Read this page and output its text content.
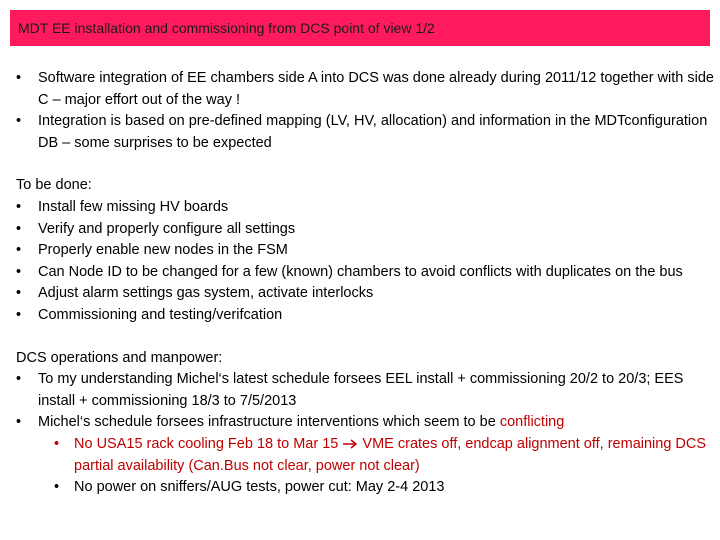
MDT EE installation and commissioning from DCS point of view 1/2
• Software integration of EE chambers side A into DCS was done already during 2011/12 together with side C – major effort out of the way !
• Integration is based on pre-defined mapping (LV, HV, allocation) and information in the MDTconfiguration DB – some surprises to be expected
To be done:
• Install few missing HV boards
• Verify and properly configure all settings
• Properly enable new nodes in the FSM
• Can Node ID to be changed for a few (known) chambers to avoid conflicts with duplicates on the bus
• Adjust alarm settings gas system, activate interlocks
• Commissioning and testing/verifcation
DCS operations and manpower:
• To my understanding Michel‘s latest schedule forsees EEL install + commissioning 20/2 to 20/3; EES install + commissioning 18/3 to 7/5/2013
• Michel‘s schedule forsees infrastructure interventions which seem to be conflicting
• No USA15 rack cooling Feb 18 to Mar 15 VME crates off, endcap alignment off, remaining DCS partial availability (Can.Bus not clear, power not clear)
• No power on sniffers/AUG tests, power cut: May 2-4 2013
